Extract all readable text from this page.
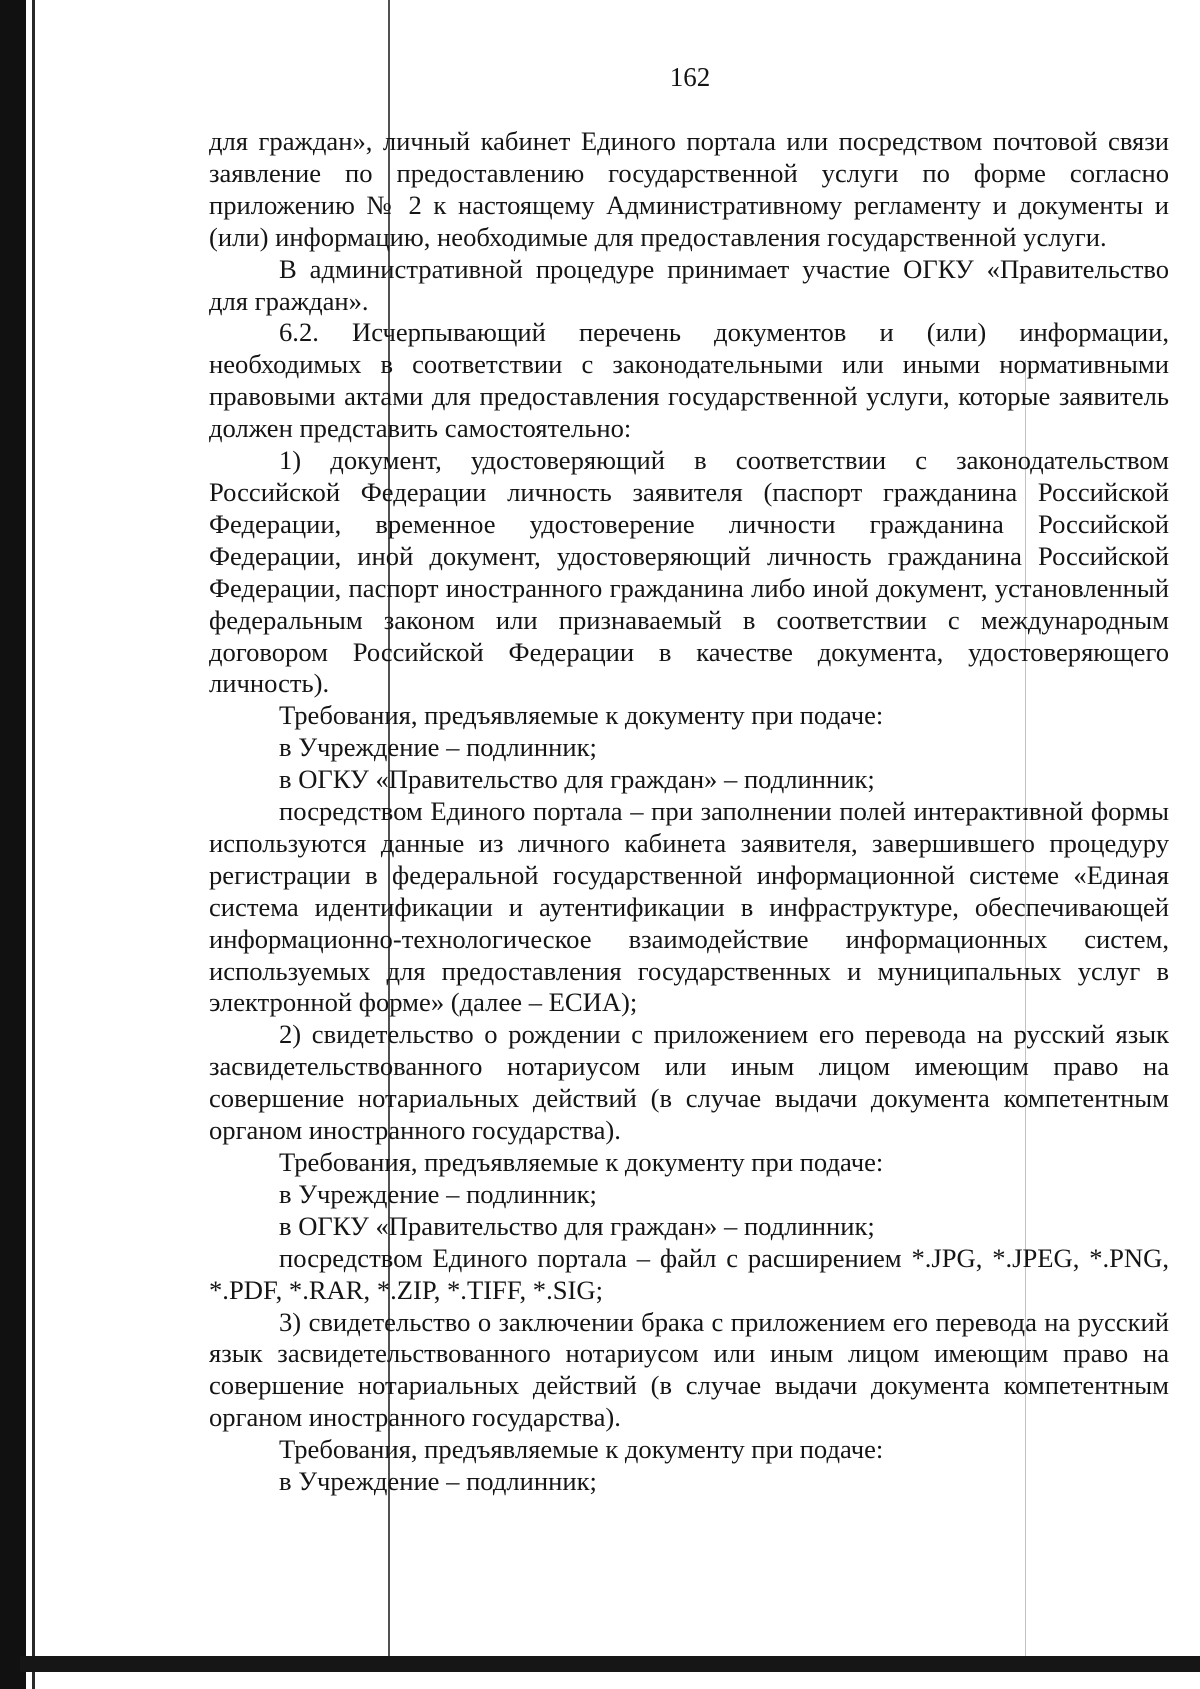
162

для граждан», личный кабинет Единого портала или посредством почтовой связи заявление по предоставлению государственной услуги по форме согласно приложению № 2 к настоящему Административному регламенту и документы и (или) информацию, необходимые для предоставления государственной услуги.

В административной процедуре принимает участие ОГКУ «Правительство для граждан».

6.2. Исчерпывающий перечень документов и (или) информации, необходимых в соответствии с законодательными или иными нормативными правовыми актами для предоставления государственной услуги, которые заявитель должен представить самостоятельно:

1) документ, удостоверяющий в соответствии с законодательством Российской Федерации личность заявителя (паспорт гражданина Российской Федерации, временное удостоверение личности гражданина Российской Федерации, иной документ, удостоверяющий личность гражданина Российской Федерации, паспорт иностранного гражданина либо иной документ, установленный федеральным законом или признаваемый в соответствии с международным договором Российской Федерации в качестве документа, удостоверяющего личность).

Требования, предъявляемые к документу при подаче:

в Учреждение – подлинник;

в ОГКУ «Правительство для граждан» – подлинник;

посредством Единого портала – при заполнении полей интерактивной формы используются данные из личного кабинета заявителя, завершившего процедуру регистрации в федеральной государственной информационной системе «Единая система идентификации и аутентификации в инфраструктуре, обеспечивающей информационно-технологическое взаимодействие информационных систем, используемых для предоставления государственных и муниципальных услуг в электронной форме» (далее – ЕСИА);

2) свидетельство о рождении с приложением его перевода на русский язык засвидетельствованного нотариусом или иным лицом имеющим право на совершение нотариальных действий (в случае выдачи документа компетентным органом иностранного государства).

Требования, предъявляемые к документу при подаче:

в Учреждение – подлинник;

в ОГКУ «Правительство для граждан» – подлинник;

посредством Единого портала – файл с расширением *.JPG, *.JPEG, *.PNG, *.PDF, *.RAR, *.ZIP, *.TIFF, *.SIG;

3) свидетельство о заключении брака с приложением его перевода на русский язык засвидетельствованного нотариусом или иным лицом имеющим право на совершение нотариальных действий (в случае выдачи документа компетентным органом иностранного государства).

Требования, предъявляемые к документу при подаче:

в Учреждение – подлинник;
